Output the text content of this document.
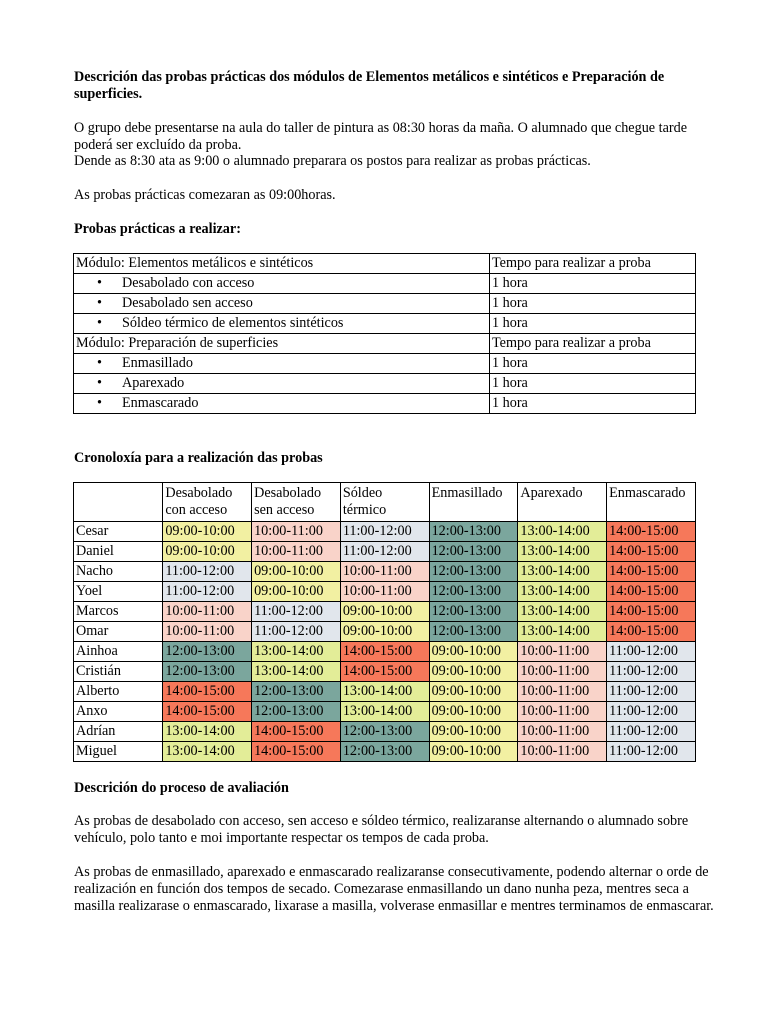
Descrición das probas prácticas dos módulos de Elementos metálicos e sintéticos e Preparación de superficies.

O grupo debe presentarse na aula do taller de pintura as 08:30 horas da maña. O alumnado que chegue tarde poderá ser excluído da proba.

Dende as 8:30 ata as 9:00 o alumnado preparara os postos para realizar as probas prácticas.

As probas prácticas comezaran as 09:00horas.

Probas prácticas a realizar:

Módulo: Elementos metálicos e sintéticos	Tempo para realizar a proba
• Desabolado con acceso	1 hora
• Desabolado sen acceso	1 hora
• Sóldeo térmico de elementos sintéticos	1 hora
Módulo: Preparación de superficies	Tempo para realizar a proba
• Enmasillado	1 hora
• Aparexado	1 hora
• Enmascarado	1 hora

Cronoloxía para a realización das probas

	Desabolado con acceso	Desabolado sen acceso	Sóldeo térmico	Enmasillado	Aparexado	Enmascarado
Cesar	09:00-10:00	10:00-11:00	11:00-12:00	12:00-13:00	13:00-14:00	14:00-15:00
Daniel	09:00-10:00	10:00-11:00	11:00-12:00	12:00-13:00	13:00-14:00	14:00-15:00
Nacho	11:00-12:00	09:00-10:00	10:00-11:00	12:00-13:00	13:00-14:00	14:00-15:00
Yoel	11:00-12:00	09:00-10:00	10:00-11:00	12:00-13:00	13:00-14:00	14:00-15:00
Marcos	10:00-11:00	11:00-12:00	09:00-10:00	12:00-13:00	13:00-14:00	14:00-15:00
Omar	10:00-11:00	11:00-12:00	09:00-10:00	12:00-13:00	13:00-14:00	14:00-15:00
Ainhoa	12:00-13:00	13:00-14:00	14:00-15:00	09:00-10:00	10:00-11:00	11:00-12:00
Cristián	12:00-13:00	13:00-14:00	14:00-15:00	09:00-10:00	10:00-11:00	11:00-12:00
Alberto	14:00-15:00	12:00-13:00	13:00-14:00	09:00-10:00	10:00-11:00	11:00-12:00
Anxo	14:00-15:00	12:00-13:00	13:00-14:00	09:00-10:00	10:00-11:00	11:00-12:00
Adrían	13:00-14:00	14:00-15:00	12:00-13:00	09:00-10:00	10:00-11:00	11:00-12:00
Miguel	13:00-14:00	14:00-15:00	12:00-13:00	09:00-10:00	10:00-11:00	11:00-12:00

Descrición do proceso de avaliación

As probas de desabolado con acceso, sen acceso e sóldeo térmico, realizaranse alternando o alumnado sobre vehículo, polo tanto e moi importante respectar os tempos de cada proba.

As probas de enmasillado, aparexado e enmascarado realizaranse consecutivamente, podendo alternar o orde de realización en función dos tempos de secado. Comezarase enmasillando un dano nunha peza, mentres seca a masilla realizarase o enmascarado, lixarase a masilla, volverase enmasillar e mentres terminamos de enmascarar.
